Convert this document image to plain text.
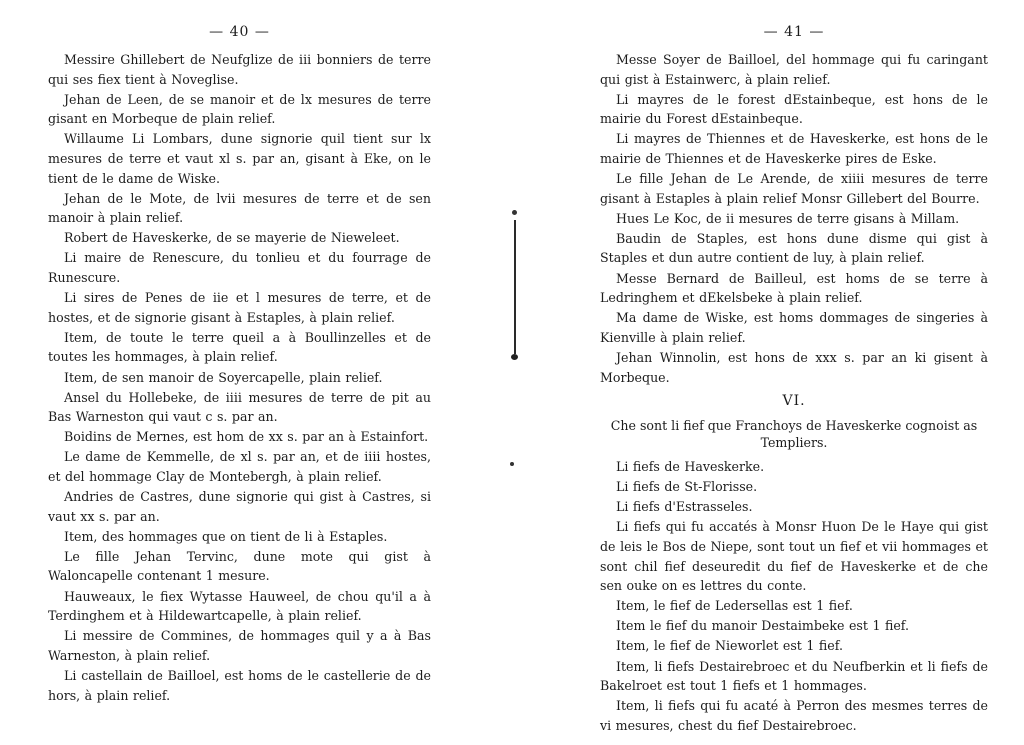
— 40 —

Messire Ghillebert de Neufglize de iii bonniers de terre qui ses fiex tient à Noveglise.

Jehan de Leen, de se manoir et de lx mesures de terre gisant en Morbeque de plain relief.

Willaume Li Lombars, dune signorie quil tient sur lx mesures de terre et vaut xl s. par an, gisant à Eke, on le tient de le dame de Wiske.

Jehan de le Mote, de lvii mesures de terre et de sen manoir à plain relief.

Robert de Haveskerke, de se mayerie de Nieweleet.

Li maire de Renescure, du tonlieu et du fourrage de Runescure.

Li sires de Penes de iie et l mesures de terre, et de hostes, et de signorie gisant à Estaples, à plain relief.

Item, de toute le terre queil a à Boullinzelles et de toutes les hommages, à plain relief.

Item, de sen manoir de Soyercapelle, plain relief.

Ansel du Hollebeke, de iiii mesures de terre de pit au Bas Warneston qui vaut c s. par an.

Boidins de Mernes, est hom de xx s. par an à Estainfort.

Le dame de Kemmelle, de xl s. par an, et de iiii hostes, et del hommage Clay de Montebergh, à plain relief.

Andries de Castres, dune signorie qui gist à Castres, si vaut xx s. par an.

Item, des hommages que on tient de li à Estaples.

Le fille Jehan Tervinc, dune mote qui gist à Waloncapelle contenant 1 mesure.

Hauweaux, le fiex Wytasse Hauweel, de chou qu'il a à Terdinghem et à Hildewartcapelle, à plain relief.

Li messire de Commines, de hommages quil y a à Bas Warneston, à plain relief.

Li castellain de Bailloel, est homs de le castellerie de de hors, à plain relief.

— 41 —

Messe Soyer de Bailloel, del hommage qui fu caringant qui gist à Estainwerc, à plain relief.

Li mayres de le forest dEstainbeque, est hons de le mairie du Forest dEstainbeque.

Li mayres de Thiennes et de Haveskerke, est hons de le mairie de Thiennes et de Haveskerke pires de Eske.

Le fille Jehan de Le Arende, de xiiii mesures de terre gisant à Estaples à plain relief Monsr Gillebert del Bourre.

Hues Le Koc, de ii mesures de terre gisans à Millam.

Baudin de Staples, est hons dune disme qui gist à Staples et dun autre contient de luy, à plain relief.

Messe Bernard de Bailleul, est homs de se terre à Ledringhem et dEkelsbeke à plain relief.

Ma dame de Wiske, est homs dommages de singeries à Kienville à plain relief.

Jehan Winnolin, est hons de xxx s. par an ki gisent à Morbeque.

VI.
Che sont li fief que Franchoys de Haveskerke cognoist as Templiers.

Li fiefs de Haveskerke.

Li fiefs de St-Florisse.

Li fiefs d'Estrasseles.

Li fiefs qui fu accatés à Monsr Huon De le Haye qui gist de leis le Bos de Niepe, sont tout un fief et vii hommages et sont chil fief deseuredit du fief de Haveskerke et de che sen ouke on es lettres du conte.

Item, le fief de Ledersellas est 1 fief.

Item le fief du manoir Destaimbeke est 1 fief.

Item, le fief de Nieworlet est 1 fief.

Item, li fiefs Destairebroec et du Neufberkin et li fiefs de Bakelroet est tout 1 fiefs et 1 hommages.

Item, li fiefs qui fu acaté à Perron des mesmes terres de vi mesures, chest du fief Destairebroec.
